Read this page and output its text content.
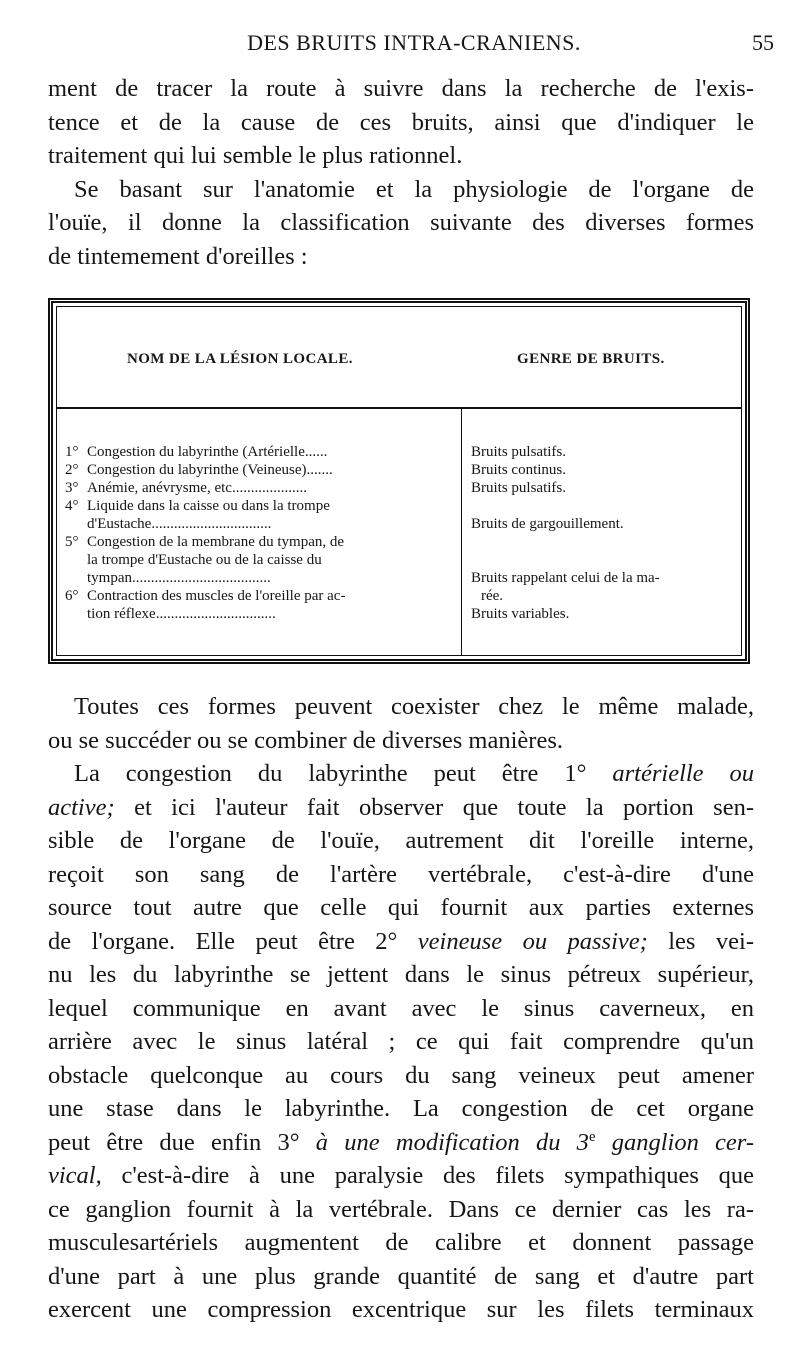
DES BRUITS INTRA-CRANIENS.	55

ment de tracer la route à suivre dans la recherche de l'exis-

tence et de la cause de ces bruits, ainsi que d'indiquer le

traitement qui lui semble le plus rationnel.

Se basant sur l'anatomie et la physiologie de l'organe de

l'ouïe, il donne la classification suivante des diverses formes

de tintemement d'oreilles :

NOM DE LA LÉSION LOCALE.	GENRE DE BRUITS.
1° Congestion du labyrinthe (Artérielle......
2° Congestion du labyrinthe (Veineuse).......
3° Anémie, anévrysme, etc....................
4° Liquide dans la caisse ou dans la trompe
d'Eustache................................
5° Congestion de la membrane du tympan, de
la trompe d'Eustache ou de la caisse du
tympan.....................................
6° Contraction des muscles de l'oreille par ac-
tion réflexe................................
Bruits pulsatifs.
Bruits continus.
Bruits pulsatifs.
Bruits de gargouillement.
Bruits rappelant celui de la ma-
rée.
Bruits variables.

Toutes ces formes peuvent coexister chez le même malade,

ou se succéder ou se combiner de diverses manières.

La congestion du labyrinthe peut être 1° artérielle ou

active; et ici l'auteur fait observer que toute la portion sen-

sible de l'organe de l'ouïe, autrement dit l'oreille interne,

reçoit son sang de l'artère vertébrale, c'est-à-dire d'une

source tout autre que celle qui fournit aux parties externes

de l'organe. Elle peut être 2° veineuse ou passive; les vei-

nu les du labyrinthe se jettent dans le sinus pétreux supérieur,

lequel communique en avant avec le sinus caverneux, en

arrière avec le sinus latéral ; ce qui fait comprendre qu'un

obstacle quelconque au cours du sang veineux peut amener

une stase dans le labyrinthe. La congestion de cet organe

peut être due enfin 3° à une modification du 3e ganglion cer-

vical, c'est-à-dire à une paralysie des filets sympathiques que

ce ganglion fournit à la vertébrale. Dans ce dernier cas les ra-

musculesartériels augmentent de calibre et donnent passage

d'une part à une plus grande quantité de sang et d'autre part

exercent une compression excentrique sur les filets terminaux
